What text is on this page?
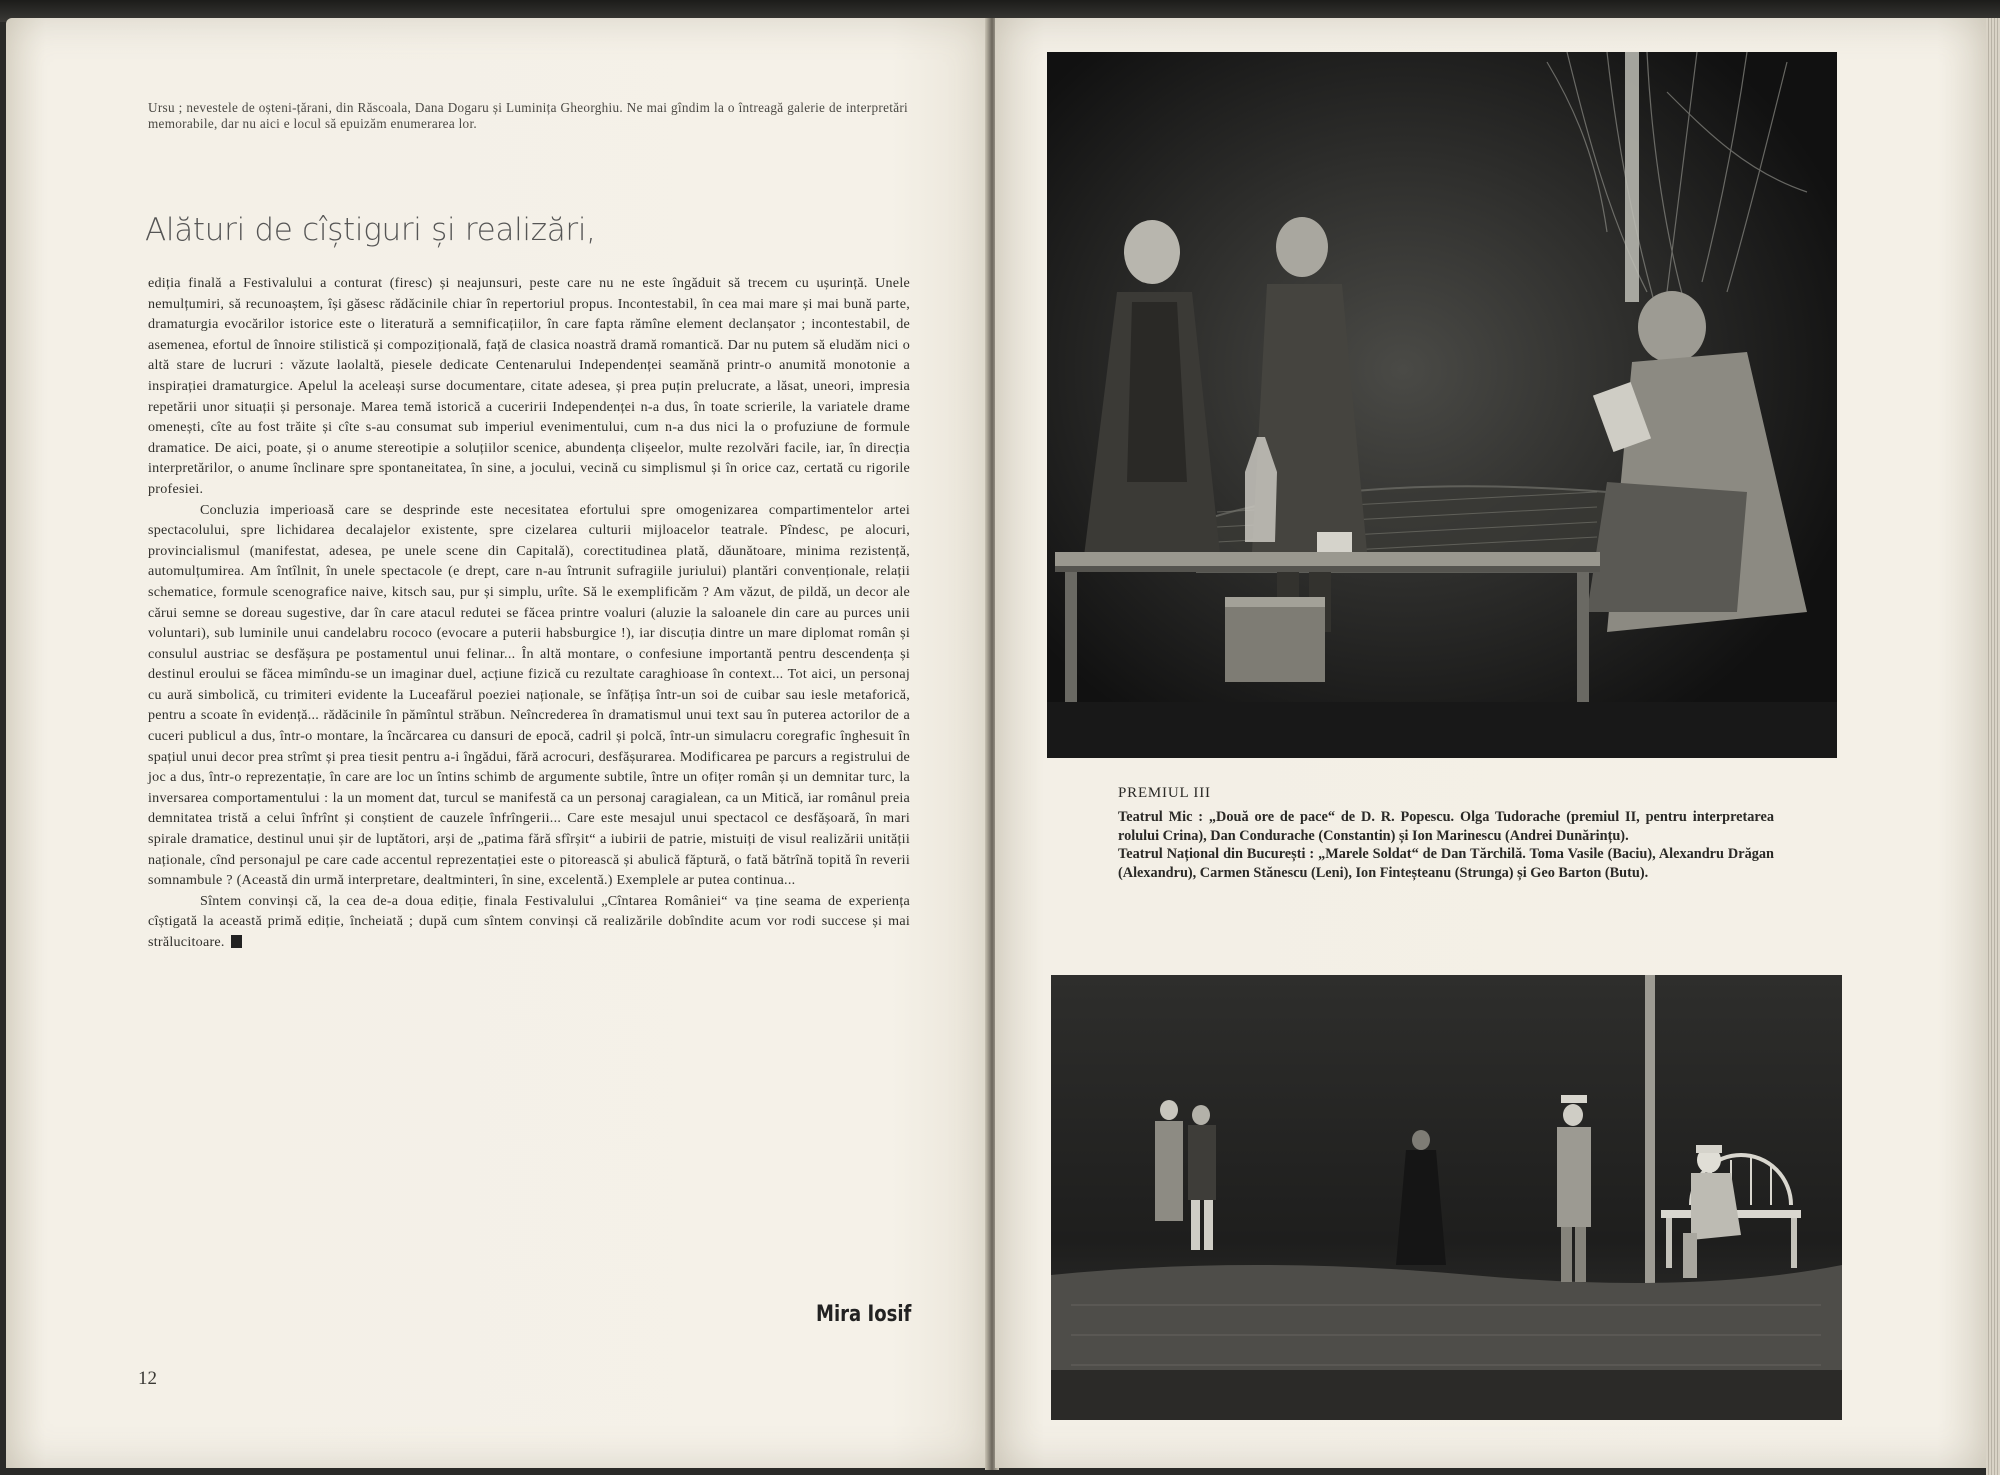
Ursu ; nevestele de oșteni-țărani, din Răscoala, Dana Dogaru și Luminița Gheorghiu. Ne mai gîndim la o întreagă galerie de interpretări memorabile, dar nu aici e locul să epuizăm enumerarea lor.
Alături de cîștiguri și realizări,

ediția finală a Festivalului a conturat (firesc) și neajunsuri, peste care nu ne este îngăduit să trecem cu ușurință. Unele nemulțumiri, să recunoaștem, își găsesc rădăcinile chiar în repertoriul propus. Incontestabil, în cea mai mare și mai bună parte, dramaturgia evocărilor istorice este o literatură a semnificațiilor, în care fapta rămîne element declanșator ; incontestabil, de asemenea, efortul de înnoire stilistică și compozițională, față de clasica noastră dramă romantică. Dar nu putem să eludăm nici o altă stare de lucruri : văzute laolaltă, piesele dedicate Centenarului Independenței seamănă printr-o anumită monotonie a inspirației dramaturgice. Apelul la aceleași surse documentare, citate adesea, și prea puțin prelucrate, a lăsat, uneori, impresia repetării unor situații și personaje. Marea temă istorică a cuceririi Independenței n-a dus, în toate scrierile, la variatele drame omenești, cîte au fost trăite și cîte s-au consumat sub imperiul evenimentului, cum n-a dus nici la o profuziune de formule dramatice. De aici, poate, și o anume stereotipie a soluțiilor scenice, abundența clișeelor, multe rezolvări facile, iar, în direcția interpretărilor, o anume înclinare spre spontaneitatea, în sine, a jocului, vecină cu simplismul și în orice caz, certată cu rigorile profesiei.

Concluzia imperioasă care se desprinde este necesitatea efortului spre omogenizarea compartimentelor artei spectacolului, spre lichidarea decalajelor existente, spre cizelarea culturii mijloacelor teatrale. Pîndesc, pe alocuri, provincialismul (manifestat, adesea, pe unele scene din Capitală), corectitudinea plată, dăunătoare, minima rezistență, automulțumirea. Am întîlnit, în unele spectacole (e drept, care n-au întrunit sufragiile juriului) plantări convenționale, relații schematice, formule scenografice naive, kitsch sau, pur și simplu, urîte. Să le exemplificăm ? Am văzut, de pildă, un decor ale cărui semne se doreau sugestive, dar în care atacul redutei se făcea printre voaluri (aluzie la saloanele din care au purces unii voluntari), sub luminile unui candelabru rococo (evocare a puterii habsburgice !), iar discuția dintre un mare diplomat român și consulul austriac se desfășura pe postamentul unui felinar... În altă montare, o confesiune importantă pentru descendența și destinul eroului se făcea mimîndu-se un imaginar duel, acțiune fizică cu rezultate caraghioase în context... Tot aici, un personaj cu aură simbolică, cu trimiteri evidente la Luceafărul poeziei naționale, se înfățișa într-un soi de cuibar sau iesle metaforică, pentru a scoate în evidență... rădăcinile în pămîntul străbun. Neîncrederea în dramatismul unui text sau în puterea actorilor de a cuceri publicul a dus, într-o montare, la încărcarea cu dansuri de epocă, cadril și polcă, într-un simulacru coregrafic înghesuit în spațiul unui decor prea strîmt și prea tiesit pentru a-i îngădui, fără acrocuri, desfășurarea. Modificarea pe parcurs a registrului de joc a dus, într-o reprezentație, în care are loc un întins schimb de argumente subtile, între un ofițer român și un demnitar turc, la inversarea comportamentului : la un moment dat, turcul se manifestă ca un personaj caragialean, ca un Mitică, iar românul preia demnitatea tristă a celui înfrînt și conștient de cauzele înfrîngerii... Care este mesajul unui spectacol ce desfășoară, în mari spirale dramatice, destinul unui șir de luptători, arși de „patima fără sfîrșit“ a iubirii de patrie, mistuiți de visul realizării unității naționale, cînd personajul pe care cade accentul reprezentației este o pitorească și abulică făptură, o fată bătrînă topită în reverii somnambule ? (Această din urmă interpretare, dealtminteri, în sine, excelentă.) Exemplele ar putea continua...

Sîntem convinși că, la cea de-a doua ediție, finala Festivalului „Cîntarea României“ va ține seama de experiența cîștigată la această primă ediție, încheiată ; după cum sîntem convinși că realizările dobîndite acum vor rodi succese și mai strălucitoare.

Mira Iosif
12
PREMIUL III

Teatrul Mic : „Două ore de pace“ de D. R. Popescu. Olga Tudorache (premiul II, pentru interpretarea rolului Crina), Dan Condurache (Constantin) și Ion Marinescu (Andrei Dunărințu).

Teatrul Național din București : „Marele Soldat“ de Dan Tărchilă. Toma Vasile (Baciu), Alexandru Drăgan (Alexandru), Carmen Stănescu (Leni), Ion Finteșteanu (Strunga) și Geo Barton (Butu).
